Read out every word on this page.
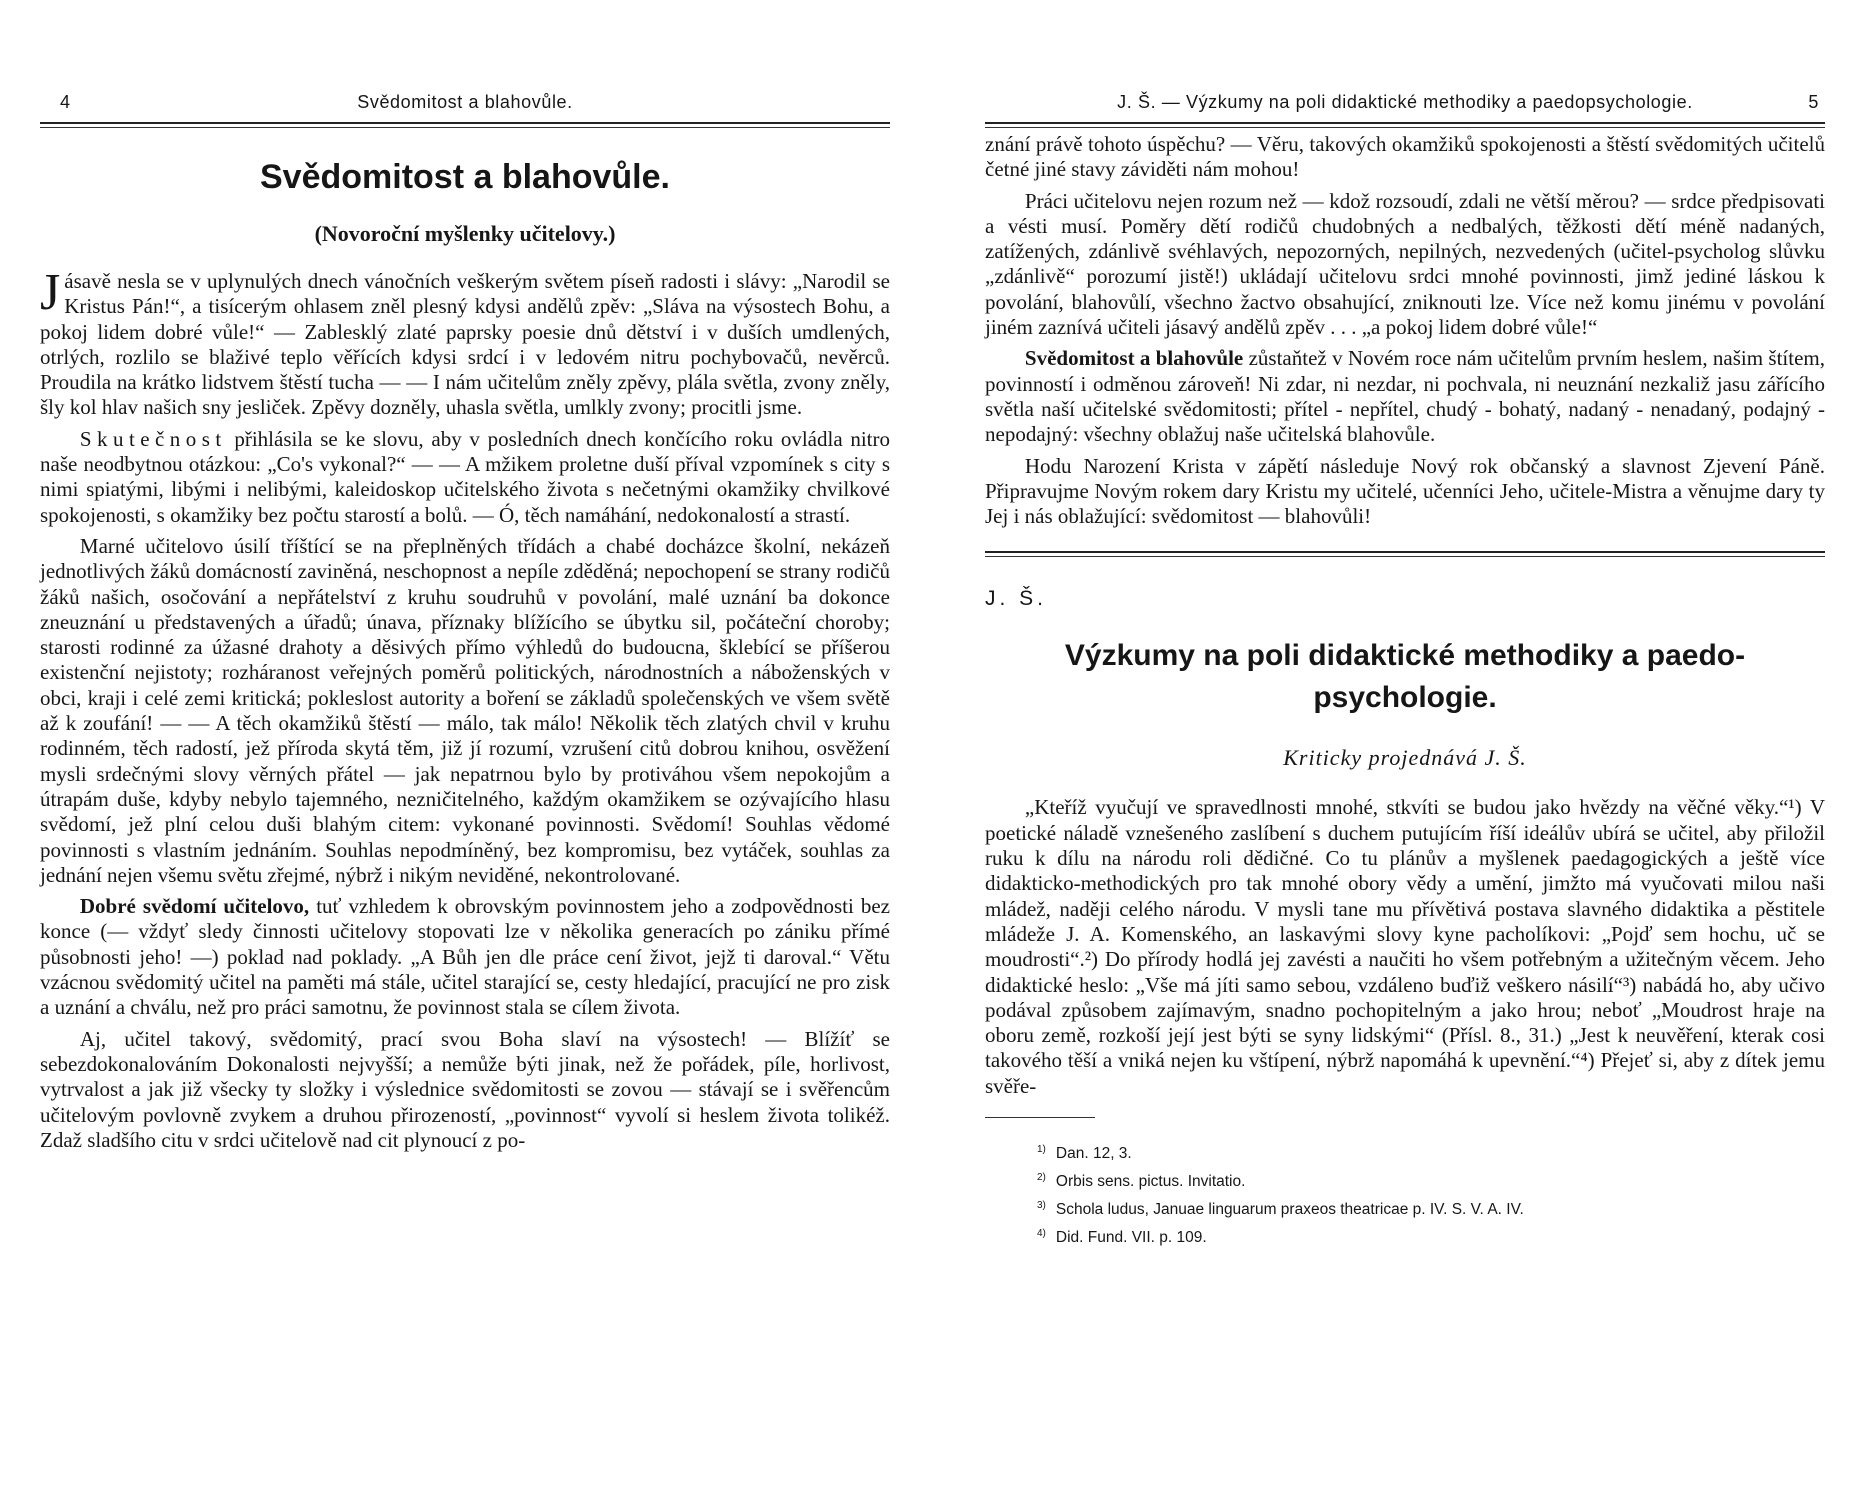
4	Svědomitost a blahovůle.
Svědomitost a blahovůle.
(Novoroční myšlenky učitelovy.)

Jásavě nesla se v uplynulých dnech vánočních veškerým světem píseň radosti i slávy: „Narodil se Kristus Pán!“, a tisícerým ohlasem zněl plesný kdysi andělů zpěv: „Sláva na výsostech Bohu, a pokoj lidem dobré vůle!“ — Zablesklý zlaté paprsky poesie dnů dětství i v duších umdlených, otrlých, rozlilo se blaživé teplo věřících kdysi srdcí i v ledovém nitru pochybovačů, nevěrců. Proudila na krátko lidstvem štěstí tucha — — I nám učitelům zněly zpěvy, plála světla, zvony zněly, šly kol hlav našich sny jesliček. Zpěvy dozněly, uhasla světla, umlkly zvony; procitli jsme.

Skutečnost přihlásila se ke slovu, aby v posledních dnech končícího roku ovládla nitro naše neodbytnou otázkou: „Co's vykonal?“ — — A mžikem proletne duší příval vzpomínek s city s nimi spiatými, libými i nelibými, kaleidoskop učitelského života s nečetnými okamžiky chvilkové spokojenosti, s okamžiky bez počtu starostí a bolů. — Ó, těch namáhání, nedokonalostí a strastí.

Marné učitelovo úsilí tříštící se na přeplněných třídách a chabé docházce školní, nekázeň jednotlivých žáků domácností zaviněná, neschopnost a nepíle zděděná; nepochopení se strany rodičů žáků našich, osočování a nepřátelství z kruhu soudruhů v povolání, malé uznání ba dokonce zneuznání u představených a úřadů; únava, příznaky blížícího se úbytku sil, počáteční choroby; starosti rodinné za úžasné drahoty a děsivých přímo výhledů do budoucna, šklebící se příšerou existenční nejistoty; rozháranost veřejných poměrů politických, národnostních a náboženských v obci, kraji i celé zemi kritická; pokleslost autority a boření se základů společenských ve všem světě až k zoufání! — — A těch okamžiků štěstí — málo, tak málo! Několik těch zlatých chvil v kruhu rodinném, těch radostí, jež příroda skytá těm, již jí rozumí, vzrušení citů dobrou knihou, osvěžení mysli srdečnými slovy věrných přátel — jak nepatrnou bylo by protiváhou všem nepokojům a útrapám duše, kdyby nebylo tajemného, nezničitelného, každým okamžikem se ozývajícího hlasu svědomí, jež plní celou duši blahým citem: vykonané povinnosti. Svědomí! Souhlas vědomé povinnosti s vlastním jednáním. Souhlas nepodmíněný, bez kompromisu, bez vytáček, souhlas za jednání nejen všemu světu zřejmé, nýbrž i nikým neviděné, nekontrolované.

Dobré svědomí učitelovo, tuť vzhledem k obrovským povinnostem jeho a zodpovědnosti bez konce (— vždyť sledy činnosti učitelovy stopovati lze v několika generacích po zániku přímé působnosti jeho! —) poklad nad poklady. „A Bůh jen dle práce cení život, jejž ti daroval.“ Větu vzácnou svědomitý učitel na paměti má stále, učitel starající se, cesty hledající, pracující ne pro zisk a uznání a chválu, než pro práci samotnu, že povinnost stala se cílem života.

Aj, učitel takový, svědomitý, prací svou Boha slaví na výsostech! — Blížíť se sebezdokonalováním Dokonalosti nejvyšší; a nemůže býti jinak, než že pořádek, píle, horlivost, vytrvalost a jak již všecky ty složky i výslednice svědomitosti se zovou — stávají se i svěřencům učitelovým povlovně zvykem a druhou přirozeností, „povinnost“ vyvolí si heslem života tolikéž. Zdaž sladšího citu v srdci učitelově nad cit plynoucí z po-

J. Š. — Výzkumy na poli didaktické methodiky a paedopsychologie.	5

znání právě tohoto úspěchu? — Věru, takových okamžiků spokojenosti a štěstí svědomitých učitelů četné jiné stavy záviděti nám mohou!

Práci učitelovu nejen rozum než — kdož rozsoudí, zdali ne větší měrou? — srdce předpisovati a vésti musí. Poměry dětí rodičů chudobných a nedbalých, těžkosti dětí méně nadaných, zatížených, zdánlivě svéhlavých, nepozorných, nepilných, nezvedených (učitel-psycholog slůvku „zdánlivě“ porozumí jistě!) ukládají učitelovu srdci mnohé povinnosti, jimž jediné láskou k povolání, blahovůlí, všechno žactvo obsahující, zniknouti lze. Více než komu jinému v povolání jiném zaznívá učiteli jásavý andělů zpěv . . . „a pokoj lidem dobré vůle!“

Svědomitost a blahovůle zůstaňtež v Novém roce nám učitelům prvním heslem, našim štítem, povinností i odměnou zároveň! Ni zdar, ni nezdar, ni pochvala, ni neuznání nezkaliž jasu zářícího světla naší učitelské svědomitosti; přítel - nepřítel, chudý - bohatý, nadaný - nenadaný, podajný - nepodajný: všechny oblažuj naše učitelská blahovůle.

Hodu Narození Krista v zápětí následuje Nový rok občanský a slavnost Zjevení Páně. Připravujme Novým rokem dary Kristu my učitelé, učenníci Jeho, učitele-Mistra a věnujme dary ty Jej i nás oblažující: svědomitost — blahovůli!

J. Š.
Výzkumy na poli didaktické methodiky a paedo-
psychologie.
Kriticky projednává J. Š.

„Kteříž vyučují ve spravedlnosti mnohé, stkvíti se budou jako hvězdy na věčné věky.“¹) V poetické náladě vznešeného zaslíbení s duchem putujícím říší ideálův ubírá se učitel, aby přiložil ruku k dílu na národu roli dědičné. Co tu plánův a myšlenek paedagogických a ještě více didakticko-methodických pro tak mnohé obory vědy a umění, jimžto má vyučovati milou naši mládež, naději celého národu. V mysli tane mu přívětivá postava slavného didaktika a pěstitele mládeže J. A. Komenského, an laskavými slovy kyne pacholíkovi: „Pojď sem hochu, uč se moudrosti“.²) Do přírody hodlá jej zavésti a naučiti ho všem potřebným a užitečným věcem. Jeho didaktické heslo: „Vše má jíti samo sebou, vzdáleno buďiž veškero násilí“³) nabádá ho, aby učivo podával způsobem zajímavým, snadno pochopitelným a jako hrou; neboť „Moudrost hraje na oboru země, rozkoší její jest býti se syny lidskými“ (Přísl. 8., 31.) „Jest k neuvěření, kterak cosi takového těší a vniká nejen ku vštípení, nýbrž napomáhá k upevnění.“⁴) Přejeť si, aby z dítek jemu svěře-

$^{1)}$ Dan. 12, 3.

$^{2)}$ Orbis sens. pictus. Invitatio.

$^{3)}$ Schola ludus, Januae linguarum praxeos theatricae p. IV. S. V. A. IV.

$^{4)}$ Did. Fund. VII. p. 109.
